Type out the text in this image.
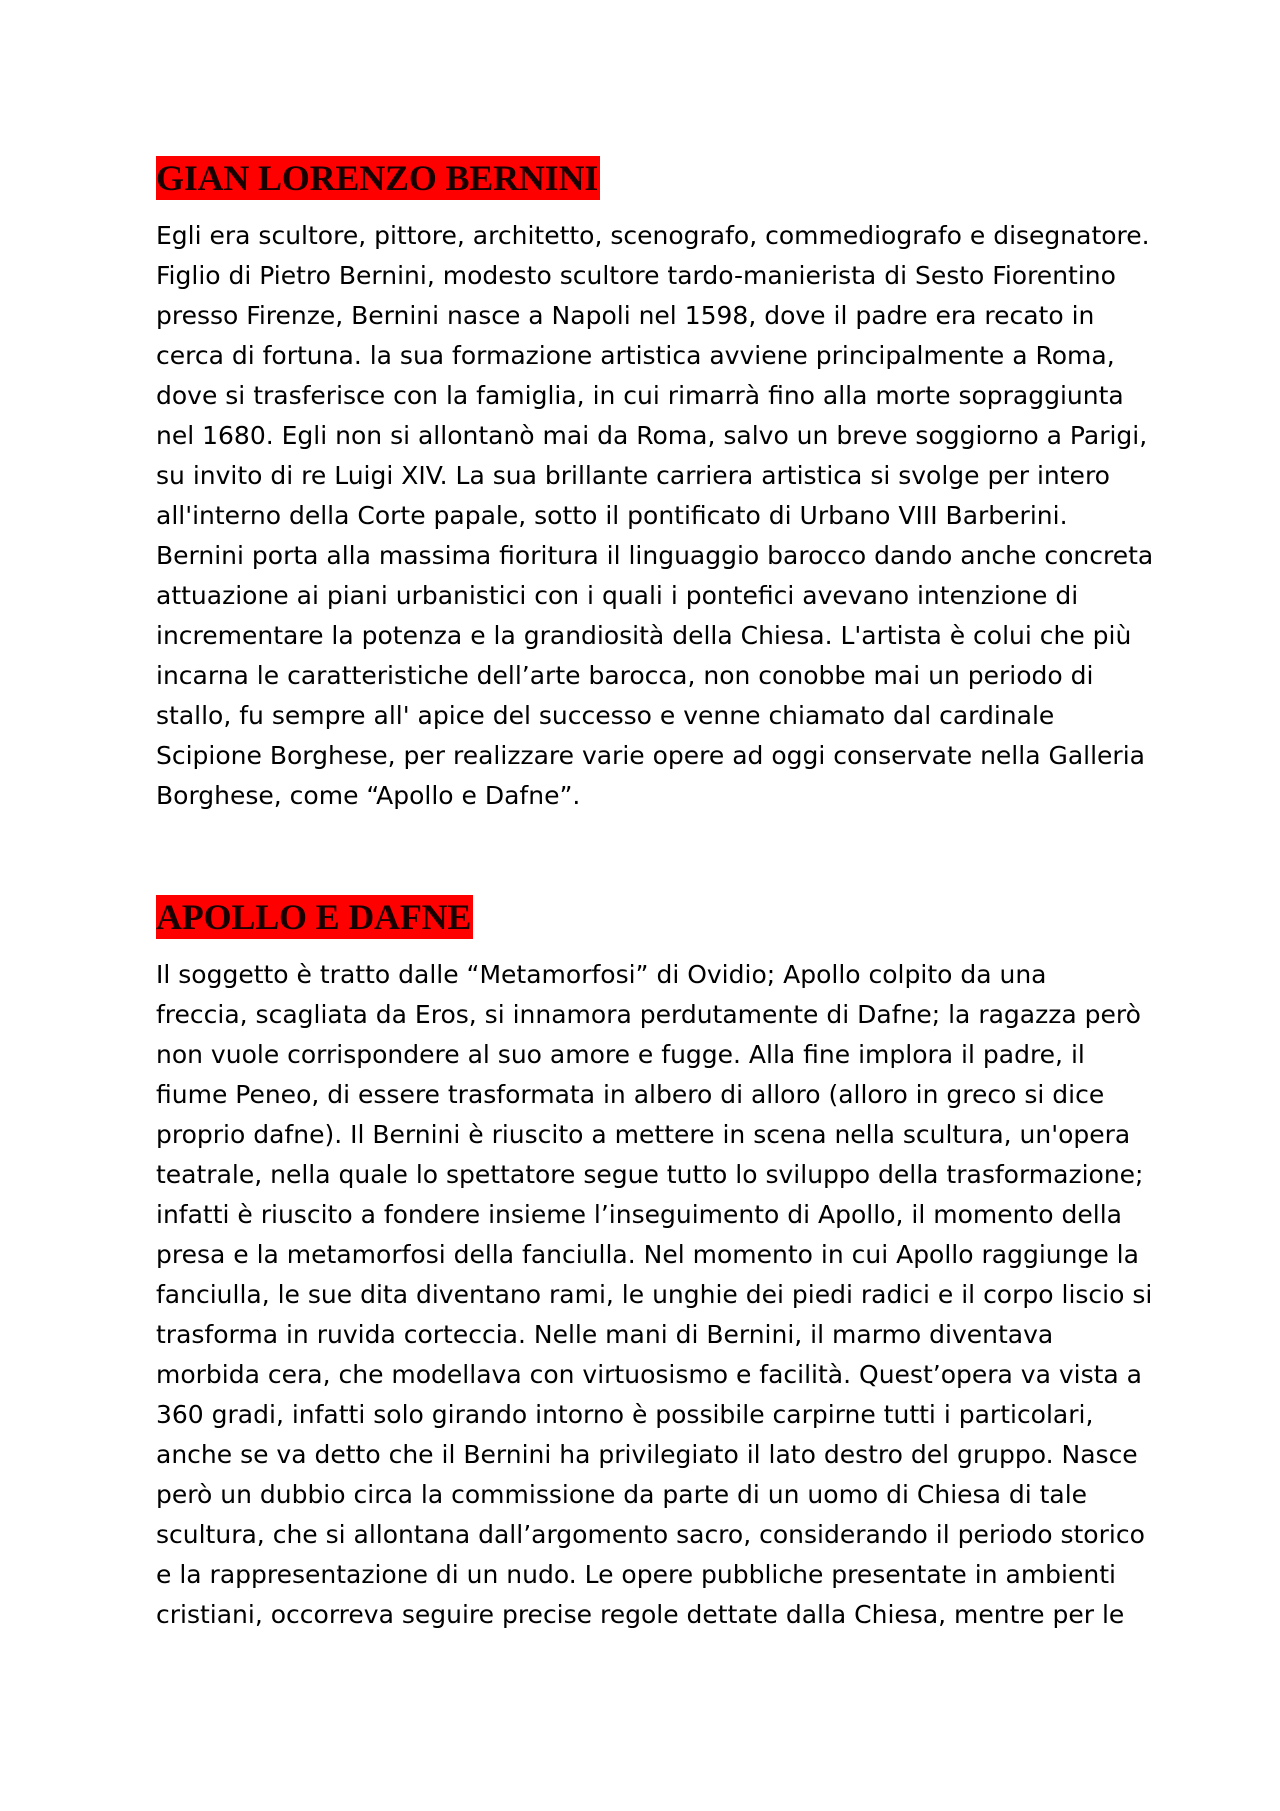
GIAN LORENZO BERNINI
Egli era scultore, pittore, architetto, scenografo, commediografo e disegnatore.
Figlio di Pietro Bernini, modesto scultore tardo-manierista di Sesto Fiorentino
presso Firenze, Bernini nasce a Napoli nel 1598, dove il padre era recato in
cerca di fortuna. la sua formazione artistica avviene principalmente a Roma,
dove si trasferisce con la famiglia, in cui rimarrà fino alla morte sopraggiunta
nel 1680. Egli non si allontanò mai da Roma, salvo un breve soggiorno a Parigi,
su invito di re Luigi XIV. La sua brillante carriera artistica si svolge per intero
all'interno della Corte papale, sotto il pontificato di Urbano VIII Barberini.
Bernini porta alla massima fioritura il linguaggio barocco dando anche concreta
attuazione ai piani urbanistici con i quali i pontefici avevano intenzione di
incrementare la potenza e la grandiosità della Chiesa. L'artista è colui che più
incarna le caratteristiche dell’arte barocca, non conobbe mai un periodo di
stallo, fu sempre all' apice del successo e venne chiamato dal cardinale
Scipione Borghese, per realizzare varie opere ad oggi conservate nella Galleria
Borghese, come “Apollo e Dafne”.
APOLLO E DAFNE
Il soggetto è tratto dalle “Metamorfosi” di Ovidio; Apollo colpito da una
freccia, scagliata da Eros, si innamora perdutamente di Dafne; la ragazza però
non vuole corrispondere al suo amore e fugge. Alla fine implora il padre, il
fiume Peneo, di essere trasformata in albero di alloro (alloro in greco si dice
proprio dafne). Il Bernini è riuscito a mettere in scena nella scultura, un'opera
teatrale, nella quale lo spettatore segue tutto lo sviluppo della trasformazione;
infatti è riuscito a fondere insieme l’inseguimento di Apollo, il momento della
presa e la metamorfosi della fanciulla. Nel momento in cui Apollo raggiunge la
fanciulla, le sue dita diventano rami, le unghie dei piedi radici e il corpo liscio si
trasforma in ruvida corteccia. Nelle mani di Bernini, il marmo diventava
morbida cera, che modellava con virtuosismo e facilità. Quest’opera va vista a
360 gradi, infatti solo girando intorno è possibile carpirne tutti i particolari,
anche se va detto che il Bernini ha privilegiato il lato destro del gruppo. Nasce
però un dubbio circa la commissione da parte di un uomo di Chiesa di tale
scultura, che si allontana dall’argomento sacro, considerando il periodo storico
e la rappresentazione di un nudo. Le opere pubbliche presentate in ambienti
cristiani, occorreva seguire precise regole dettate dalla Chiesa, mentre per le
